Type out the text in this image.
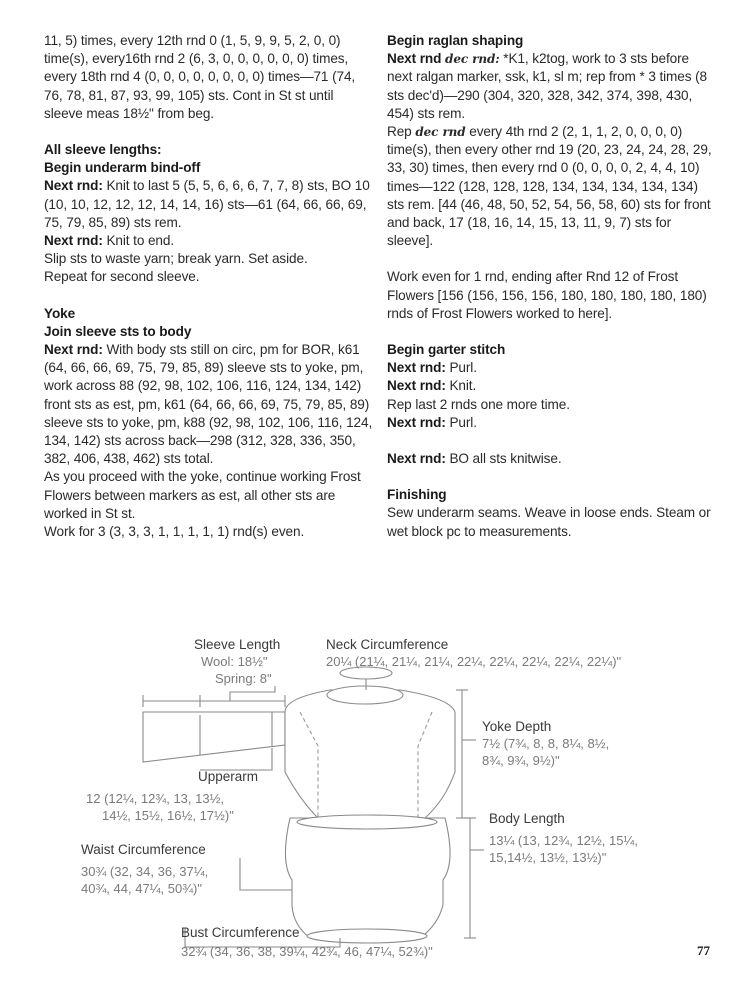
11, 5) times, every 12th rnd 0 (1, 5, 9, 9, 5, 2, 0, 0) time(s), every16th rnd 2 (6, 3, 0, 0, 0, 0, 0, 0) times, every 18th rnd 4 (0, 0, 0, 0, 0, 0, 0, 0) times—71 (74, 76, 78, 81, 87, 93, 99, 105) sts. Cont in St st until sleeve meas 18½" from beg.

All sleeve lengths:

Begin underarm bind-off

Next rnd: Knit to last 5 (5, 5, 6, 6, 6, 7, 7, 8) sts, BO 10 (10, 10, 12, 12, 12, 14, 14, 16) sts—61 (64, 66, 66, 69, 75, 79, 85, 89) sts rem.

Next rnd: Knit to end.

Slip sts to waste yarn; break yarn. Set aside.

Repeat for second sleeve.

Yoke

Join sleeve sts to body

Next rnd: With body sts still on circ, pm for BOR, k61 (64, 66, 66, 69, 75, 79, 85, 89) sleeve sts to yoke, pm, work across 88 (92, 98, 102, 106, 116, 124, 134, 142) front sts as est, pm, k61 (64, 66, 66, 69, 75, 79, 85, 89) sleeve sts to yoke, pm, k88 (92, 98, 102, 106, 116, 124, 134, 142) sts across back—298 (312, 328, 336, 350, 382, 406, 438, 462) sts total.

As you proceed with the yoke, continue working Frost Flowers between markers as est, all other sts are worked in St st.

Work for 3 (3, 3, 3, 1, 1, 1, 1, 1) rnd(s) even.

Begin raglan shaping

Next rnd dec rnd: *K1, k2tog, work to 3 sts before next ralgan marker, ssk, k1, sl m; rep from * 3 times (8 sts dec'd)—290 (304, 320, 328, 342, 374, 398, 430, 454) sts rem.

Rep dec rnd every 4th rnd 2 (2, 1, 1, 2, 0, 0, 0, 0) time(s), then every other rnd 19 (20, 23, 24, 24, 28, 29, 33, 30) times, then every rnd 0 (0, 0, 0, 0, 2, 4, 4, 10) times—122 (128, 128, 128, 134, 134, 134, 134, 134) sts rem. [44 (46, 48, 50, 52, 54, 56, 58, 60) sts for front and back, 17 (18, 16, 14, 15, 13, 11, 9, 7) sts for sleeve].

Work even for 1 rnd, ending after Rnd 12 of Frost Flowers [156 (156, 156, 156, 180, 180, 180, 180, 180) rnds of Frost Flowers worked to here].

Begin garter stitch

Next rnd: Purl.

Next rnd: Knit.

Rep last 2 rnds one more time.

Next rnd: Purl.

Next rnd: BO all sts knitwise.

Finishing

Sew underarm seams. Weave in loose ends. Steam or wet block pc to measurements.

Sleeve Length
Wool: 18½"
Spring: 8"
Neck Circumference
20¼ (21¼, 21¼, 21¼, 22¼, 22¼, 22¼, 22¼, 22¼)"
Yoke Depth
7½ (7¾, 8, 8, 8¼, 8½,
8¾, 9¾, 9½)"
Upperarm
12 (12¼, 12¾, 13, 13½,
14½, 15½, 16½, 17½)"	Body Length
13¼ (13, 12¾, 12½, 15¼,
15,14½, 13½, 13½)"
Waist Circumference
30¾ (32, 34, 36, 37¼,
40¾, 44, 47¼, 50¾)"
Bust Circumference
32¾ (34, 36, 38, 39¼, 42¾, 46, 47¼, 52¾)"	77
